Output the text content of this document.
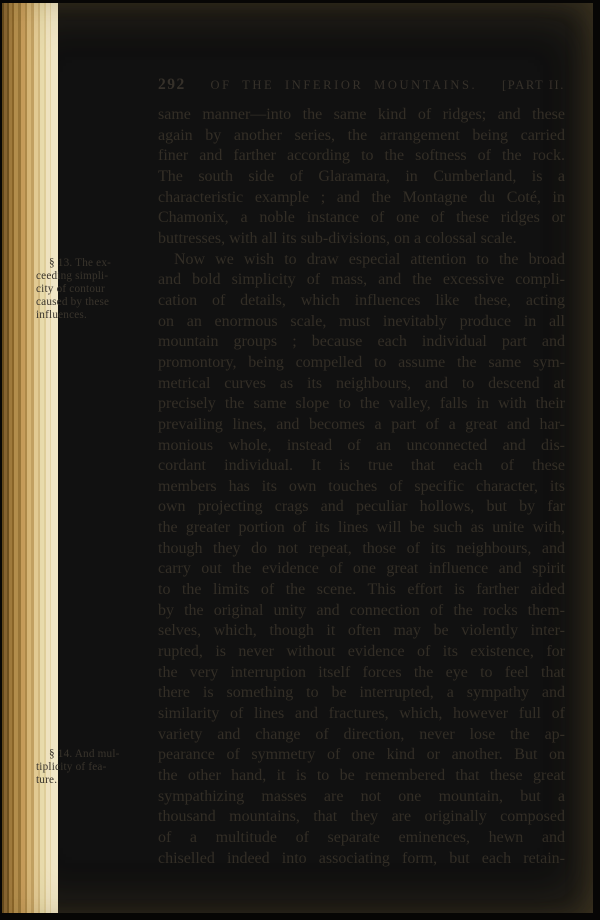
292	OF THE INFERIOR MOUNTAINS.	[PART II.
§ 13. The ex-
ceeding simpli-
city of contour
caused by these
influences.
§ 14. And mul-
tiplicity of fea-
ture.
same manner—into the same kind of ridges; and these
again by another series, the arrangement being carried
finer and farther according to the softness of the rock.
The south side of Glaramara, in Cumberland, is a
characteristic example ; and the Montagne du Coté, in
Chamonix, a noble instance of one of these ridges or
buttresses, with all its sub-divisions, on a colossal scale.
Now we wish to draw especial attention to the broad
and bold simplicity of mass, and the excessive compli-
cation of details, which influences like these, acting
on an enormous scale, must inevitably produce in all
mountain groups ; because each individual part and
promontory, being compelled to assume the same sym-
metrical curves as its neighbours, and to descend at
precisely the same slope to the valley, falls in with their
prevailing lines, and becomes a part of a great and har-
monious whole, instead of an unconnected and dis-
cordant individual. It is true that each of these
members has its own touches of specific character, its
own projecting crags and peculiar hollows, but by far
the greater portion of its lines will be such as unite with,
though they do not repeat, those of its neighbours, and
carry out the evidence of one great influence and spirit
to the limits of the scene. This effort is farther aided
by the original unity and connection of the rocks them-
selves, which, though it often may be violently inter-
rupted, is never without evidence of its existence, for
the very interruption itself forces the eye to feel that
there is something to be interrupted, a sympathy and
similarity of lines and fractures, which, however full of
variety and change of direction, never lose the ap-
pearance of symmetry of one kind or another. But on
the other hand, it is to be remembered that these great
sympathizing masses are not one mountain, but a
thousand mountains, that they are originally composed
of a multitude of separate eminences, hewn and
chiselled indeed into associating form, but each retain-
